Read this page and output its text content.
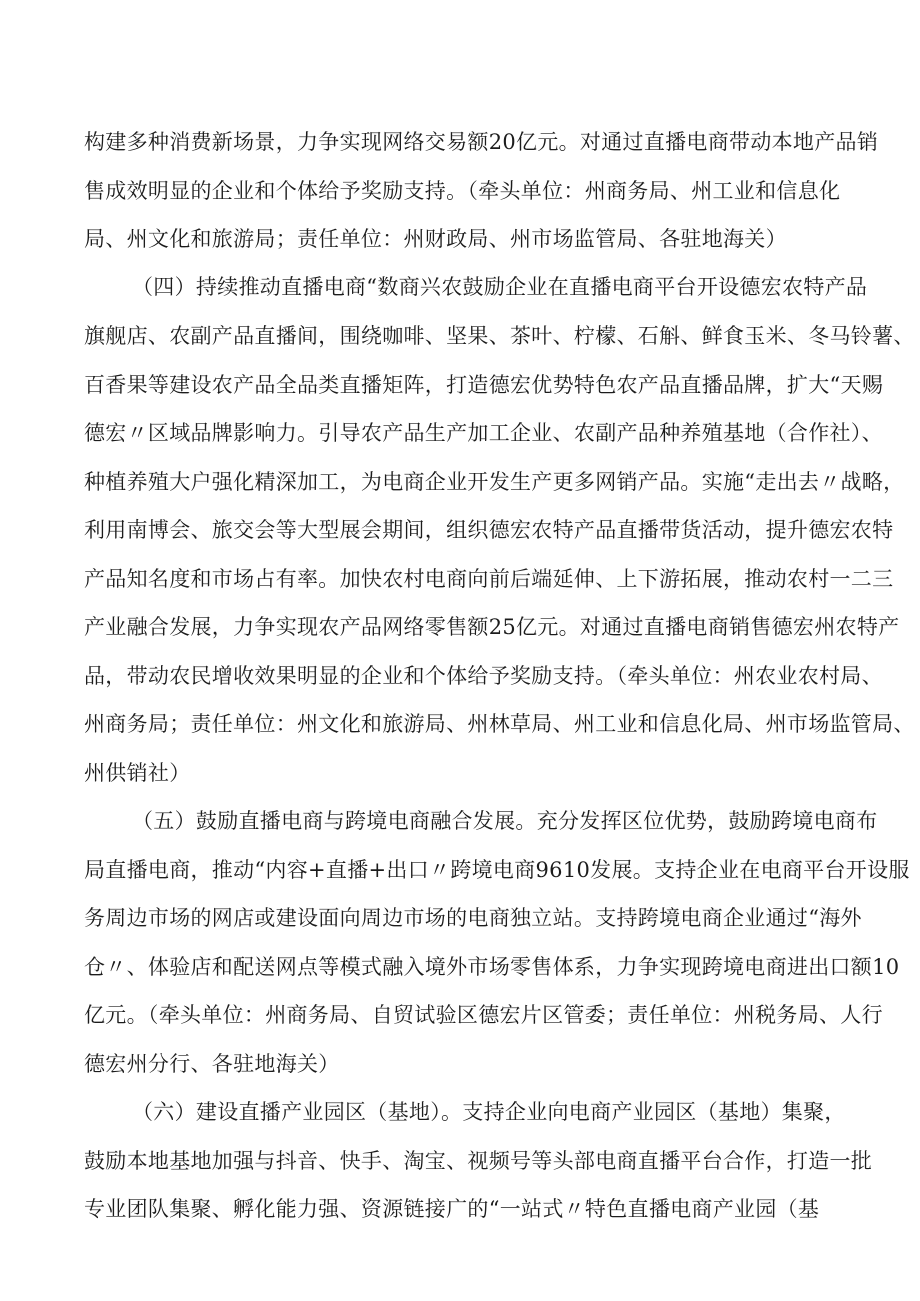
构建多种消费新场景，力争实现网络交易额20亿元。对通过直播电商带动本地产品销
售成效明显的企业和个体给予奖励支持。（牵头单位：州商务局、州工业和信息化
局、州文化和旅游局；责任单位：州财政局、州市场监管局、各驻地海关）
（四）持续推动直播电商“数商兴农鼓励企业在直播电商平台开设德宏农特产品
旗舰店、农副产品直播间，围绕咖啡、坚果、茶叶、柠檬、石斛、鲜食玉米、冬马铃薯、
百香果等建设农产品全品类直播矩阵，打造德宏优势特色农产品直播品牌，扩大“天赐
德宏〃区域品牌影响力。引导农产品生产加工企业、农副产品种养殖基地（合作社）、
种植养殖大户强化精深加工，为电商企业开发生产更多网销产品。实施“走出去〃战略，
利用南博会、旅交会等大型展会期间，组织德宏农特产品直播带货活动，提升德宏农特
产品知名度和市场占有率。加快农村电商向前后端延伸、上下游拓展，推动农村一二三
产业融合发展，力争实现农产品网络零售额25亿元。对通过直播电商销售德宏州农特产
品，带动农民增收效果明显的企业和个体给予奖励支持。（牵头单位：州农业农村局、
州商务局；责任单位：州文化和旅游局、州林草局、州工业和信息化局、州市场监管局、
州供销社）
（五）鼓励直播电商与跨境电商融合发展。充分发挥区位优势，鼓励跨境电商布
局直播电商，推动“内容+直播+出口〃跨境电商9610发展。支持企业在电商平台开设服
务周边市场的网店或建设面向周边市场的电商独立站。支持跨境电商企业通过“海外
仓〃、体验店和配送网点等模式融入境外市场零售体系，力争实现跨境电商进出口额10
亿元。（牵头单位：州商务局、自贸试验区德宏片区管委；责任单位：州税务局、人行
德宏州分行、各驻地海关）
（六）建设直播产业园区（基地）。支持企业向电商产业园区（基地）集聚，
鼓励本地基地加强与抖音、快手、淘宝、视频号等头部电商直播平台合作，打造一批
专业团队集聚、孵化能力强、资源链接广的“一站式〃特色直播电商产业园（基
